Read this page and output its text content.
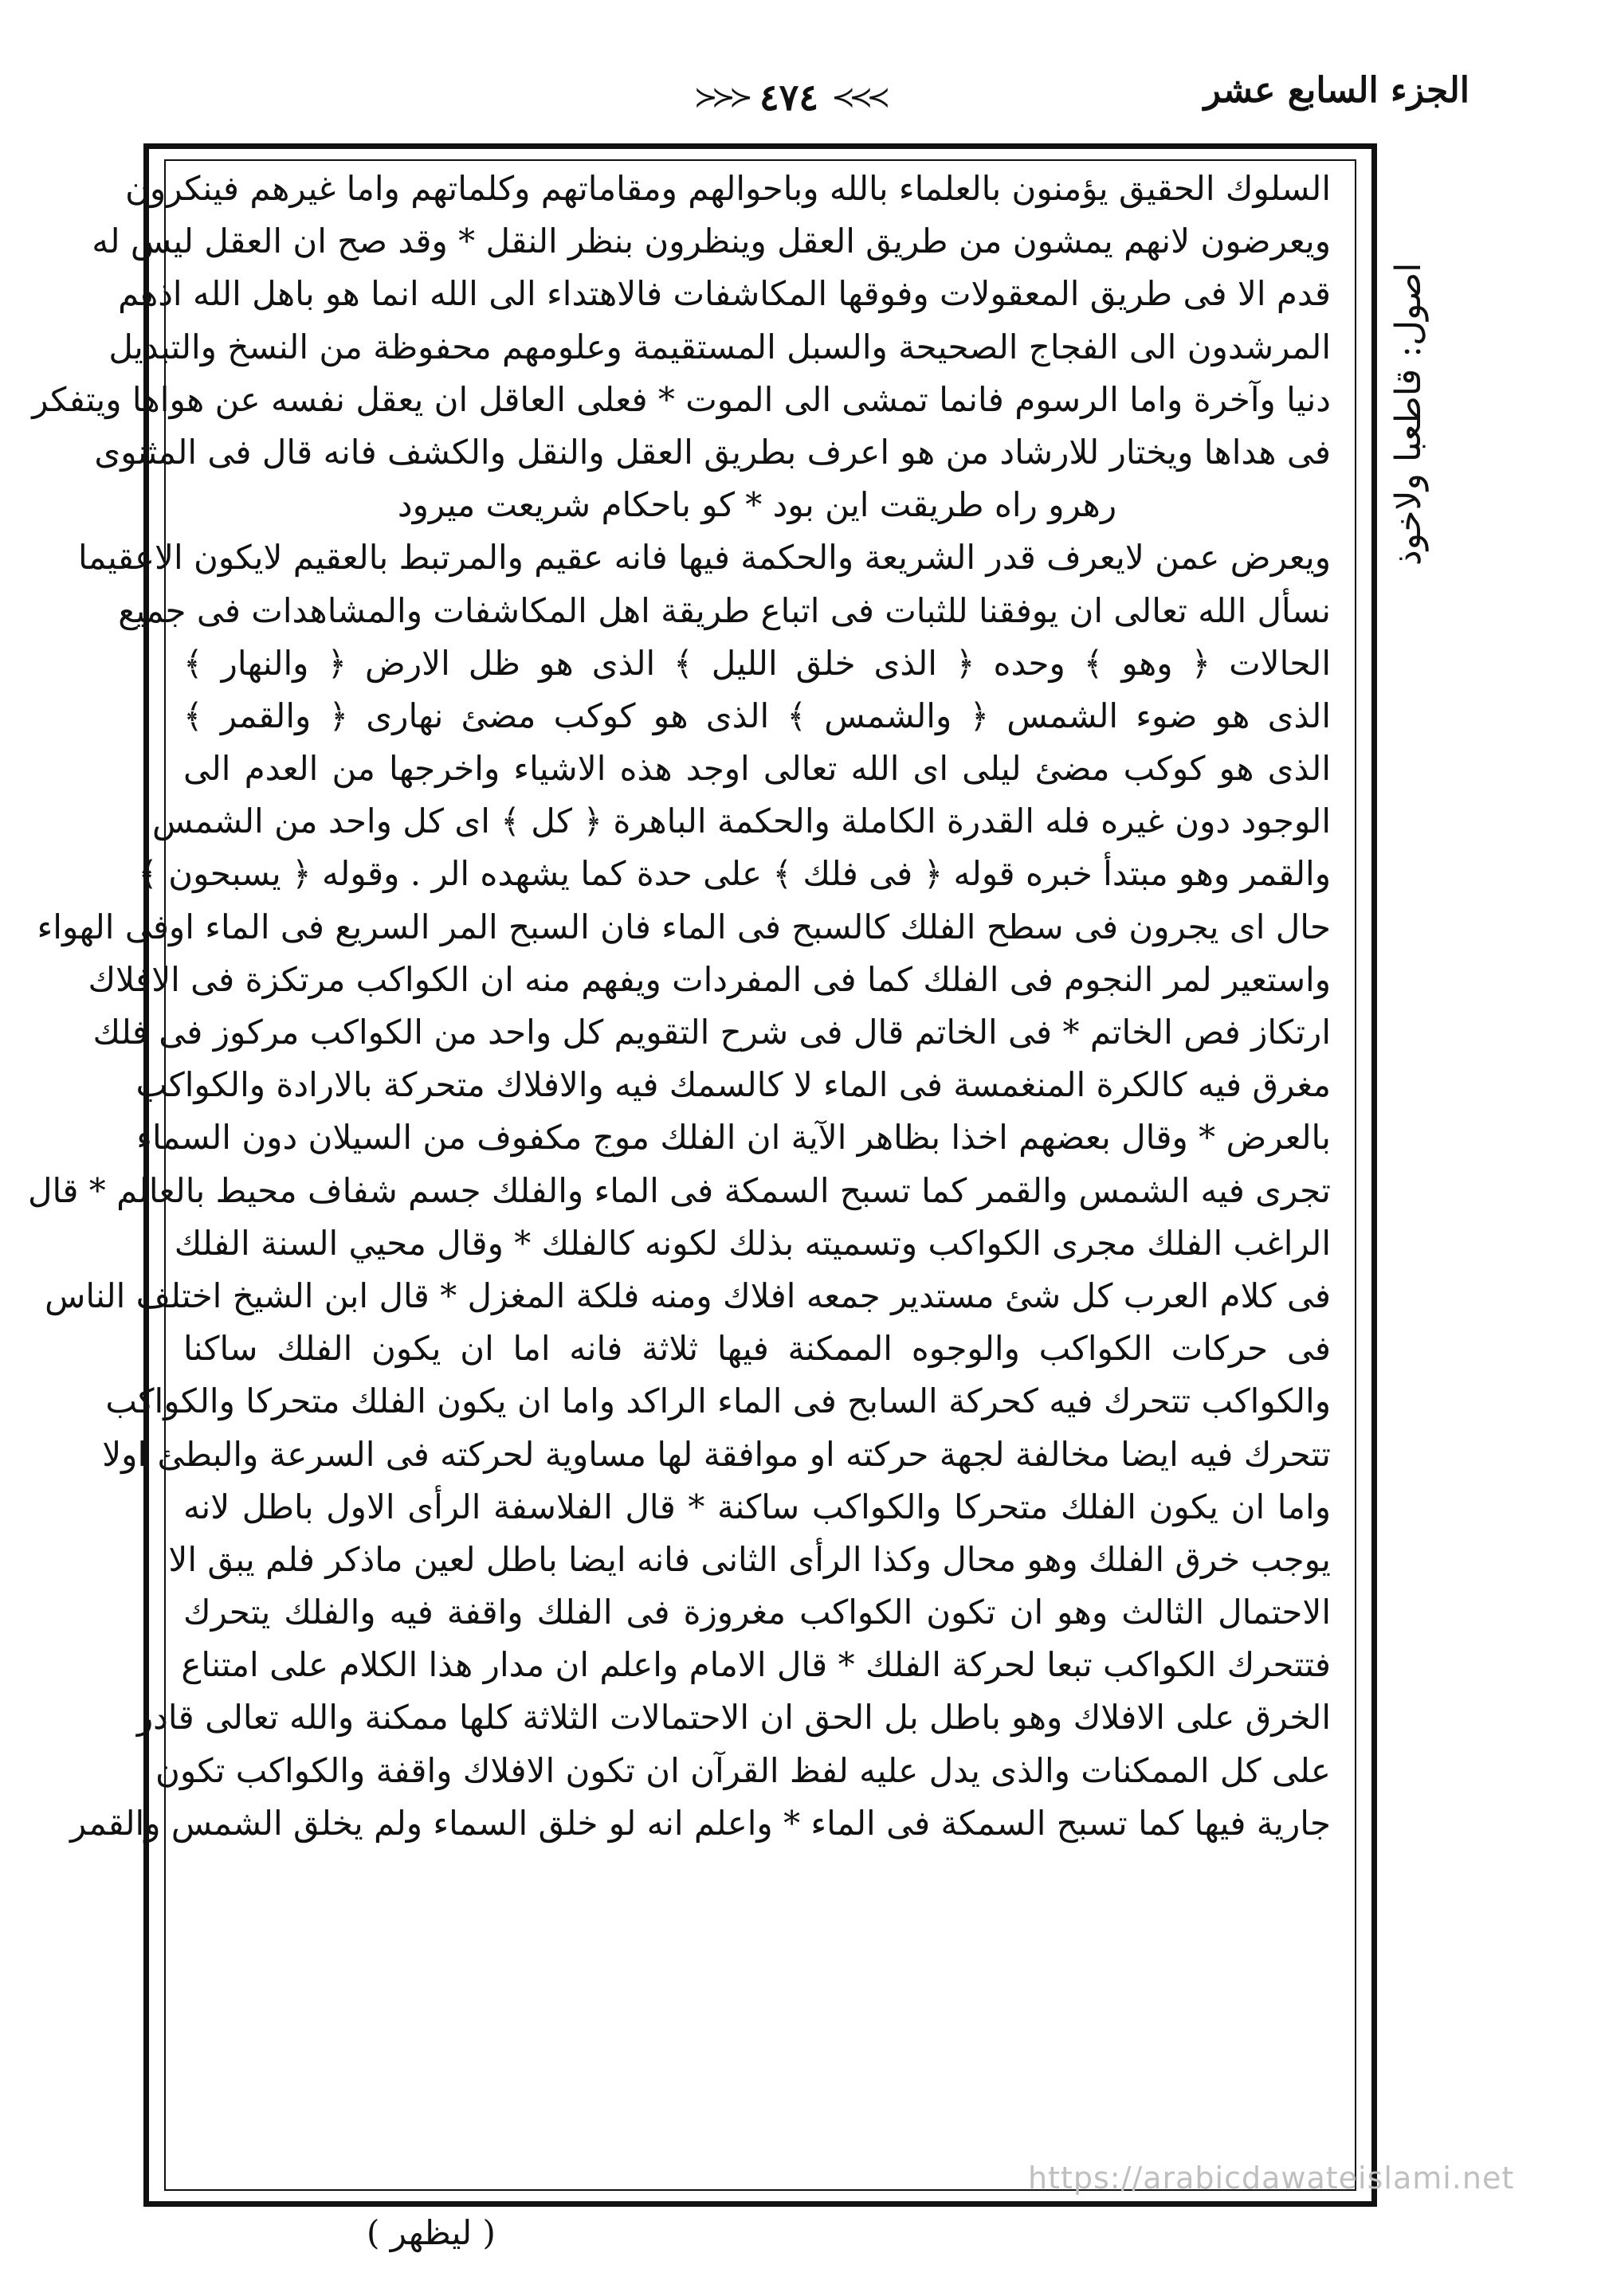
الجزء السابع عشر
≻≻≻ ٤٧٤ ≺≺≺
السلوك الحقيق يؤمنون بالعلماء بالله وباحوالهم ومقاماتهم وكلماتهم واما غيرهم فينكرون
ويعرضون لانهم يمشون من طريق العقل وينظرون بنظر النقل * وقد صح ان العقل ليس له
قدم الا فى طريق المعقولات وفوقها المكاشفات فالاهتداء الى الله انما هو باهل الله اذهم
المرشدون الى الفجاج الصحيحة والسبل المستقيمة وعلومهم محفوظة من النسخ والتبديل
دنيا وآخرة واما الرسوم فانما تمشى الى الموت * فعلى العاقل ان يعقل نفسه عن هواها ويتفكر
فى هداها ويختار للارشاد من هو اعرف بطريق العقل والنقل والكشف فانه قال فى المثنوى
رهرو راه طريقت اين بود * كو باحكام شريعت ميرود
ويعرض عمن لايعرف قدر الشريعة والحكمة فيها فانه عقيم والمرتبط بالعقيم لايكون الاعقيما
نسأل الله تعالى ان يوفقنا للثبات فى اتباع طريقة اهل المكاشفات والمشاهدات فى جميع
الحالات ﴿ وهو ﴾ وحده ﴿ الذى خلق الليل ﴾ الذى هو ظل الارض ﴿ والنهار ﴾
الذى هو ضوء الشمس ﴿ والشمس ﴾ الذى هو كوكب مضئ نهارى ﴿ والقمر ﴾
الذى هو كوكب مضئ ليلى اى الله تعالى اوجد هذه الاشياء واخرجها من العدم الى
الوجود دون غيره فله القدرة الكاملة والحكمة الباهرة ﴿ كل ﴾ اى كل واحد من الشمس
والقمر وهو مبتدأ خبره قوله ﴿ فى فلك ﴾ على حدة كما يشهده الر . وقوله ﴿ يسبحون ﴾
حال اى يجرون فى سطح الفلك كالسبح فى الماء فان السبح المر السريع فى الماء اوفى الهواء
واستعير لمر النجوم فى الفلك كما فى المفردات ويفهم منه ان الكواكب مرتكزة فى الافلاك
ارتكاز فص الخاتم * فى الخاتم قال فى شرح التقويم كل واحد من الكواكب مركوز فى فلك
مغرق فيه كالكرة المنغمسة فى الماء لا كالسمك فيه والافلاك متحركة بالارادة والكواكب
بالعرض * وقال بعضهم اخذا بظاهر الآية ان الفلك موج مكفوف من السيلان دون السماء
تجرى فيه الشمس والقمر كما تسبح السمكة فى الماء والفلك جسم شفاف محيط بالعالم * قال
الراغب الفلك مجرى الكواكب وتسميته بذلك لكونه كالفلك * وقال محيي السنة الفلك
فى كلام العرب كل شئ مستدير جمعه افلاك ومنه فلكة المغزل * قال ابن الشيخ اختلف الناس
فى حركات الكواكب والوجوه الممكنة فيها ثلاثة فانه اما ان يكون الفلك ساكنا
والكواكب تتحرك فيه كحركة السابح فى الماء الراكد واما ان يكون الفلك متحركا والكواكب
تتحرك فيه ايضا مخالفة لجهة حركته او موافقة لها مساوية لحركته فى السرعة والبطئ اولا
واما ان يكون الفلك متحركا والكواكب ساكنة * قال الفلاسفة الرأى الاول باطل لانه
يوجب خرق الفلك وهو محال وكذا الرأى الثانى فانه ايضا باطل لعين ماذكر فلم يبق الا
الاحتمال الثالث وهو ان تكون الكواكب مغروزة فى الفلك واقفة فيه والفلك يتحرك
فتتحرك الكواكب تبعا لحركة الفلك * قال الامام واعلم ان مدار هذا الكلام على امتناع
الخرق على الافلاك وهو باطل بل الحق ان الاحتمالات الثلاثة كلها ممكنة والله تعالى قادر
على كل الممكنات والذى يدل عليه لفظ القرآن ان تكون الافلاك واقفة والكواكب تكون
جارية فيها كما تسبح السمكة فى الماء * واعلم انه لو خلق السماء ولم يخلق الشمس والقمر
اصول: قاطعبا ولاخوذ
( ليظهر )
https://arabicdawateislami.net
